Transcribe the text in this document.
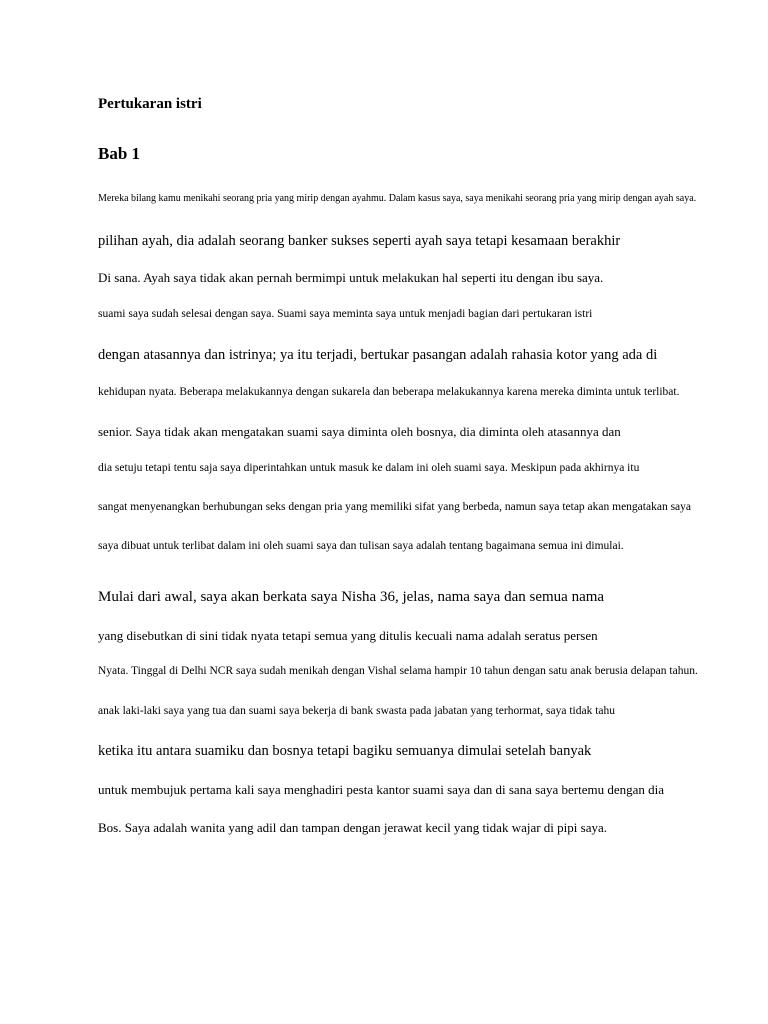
Pertukaran istri
Bab 1
Mereka bilang kamu menikahi seorang pria yang mirip dengan ayahmu. Dalam kasus saya, saya menikahi seorang pria yang mirip dengan ayah saya.
pilihan ayah, dia adalah seorang banker sukses seperti ayah saya tetapi kesamaan berakhir
Di sana. Ayah saya tidak akan pernah bermimpi untuk melakukan hal seperti itu dengan ibu saya.
suami saya sudah selesai dengan saya. Suami saya meminta saya untuk menjadi bagian dari pertukaran istri
dengan atasannya dan istrinya; ya itu terjadi, bertukar pasangan adalah rahasia kotor yang ada di
kehidupan nyata. Beberapa melakukannya dengan sukarela dan beberapa melakukannya karena mereka diminta untuk terlibat.
senior. Saya tidak akan mengatakan suami saya diminta oleh bosnya, dia diminta oleh atasannya dan
dia setuju tetapi tentu saja saya diperintahkan untuk masuk ke dalam ini oleh suami saya. Meskipun pada akhirnya itu
sangat menyenangkan berhubungan seks dengan pria yang memiliki sifat yang berbeda, namun saya tetap akan mengatakan saya
saya dibuat untuk terlibat dalam ini oleh suami saya dan tulisan saya adalah tentang bagaimana semua ini dimulai.
Mulai dari awal, saya akan berkata saya Nisha 36, jelas, nama saya dan semua nama
yang disebutkan di sini tidak nyata tetapi semua yang ditulis kecuali nama adalah seratus persen
Nyata. Tinggal di Delhi NCR saya sudah menikah dengan Vishal selama hampir 10 tahun dengan satu anak berusia delapan tahun.
anak laki-laki saya yang tua dan suami saya bekerja di bank swasta pada jabatan yang terhormat, saya tidak tahu
ketika itu antara suamiku dan bosnya tetapi bagiku semuanya dimulai setelah banyak
untuk membujuk pertama kali saya menghadiri pesta kantor suami saya dan di sana saya bertemu dengan dia
Bos. Saya adalah wanita yang adil dan tampan dengan jerawat kecil yang tidak wajar di pipi saya.
